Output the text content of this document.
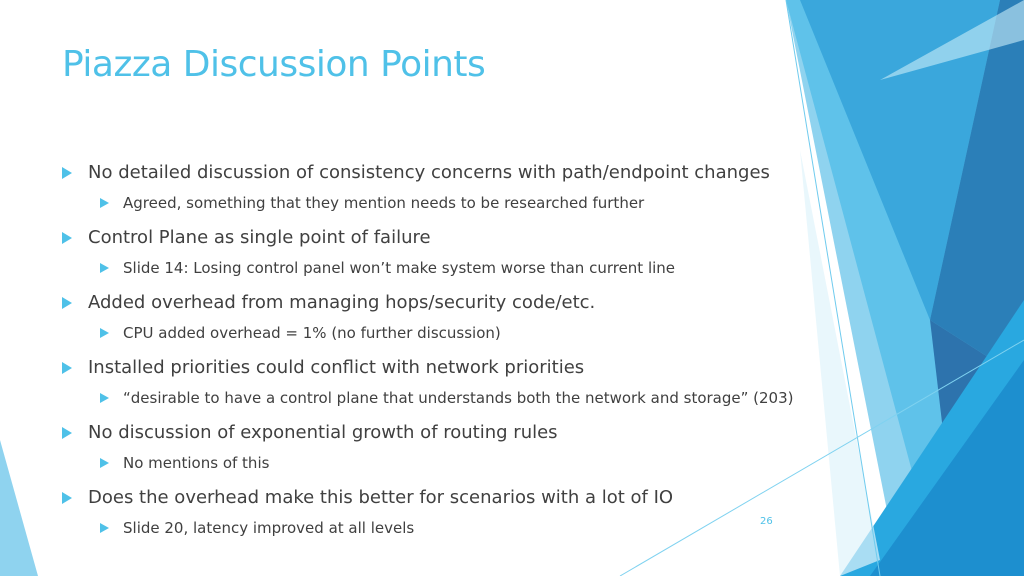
Piazza Discussion Points
No detailed discussion of consistency concerns with path/endpoint changes
Agreed, something that they mention needs to be researched further
Control Plane as single point of failure
Slide 14: Losing control panel won’t make system worse than current line
Added overhead from managing hops/security code/etc.
CPU added overhead = 1% (no further discussion)
Installed priorities could conflict with network priorities
“desirable to have a control plane that understands both the network and storage” (203)
No discussion of exponential growth of routing rules
No mentions of this
Does the overhead make this better for scenarios with a lot of IO
Slide 20, latency improved at all levels	26
